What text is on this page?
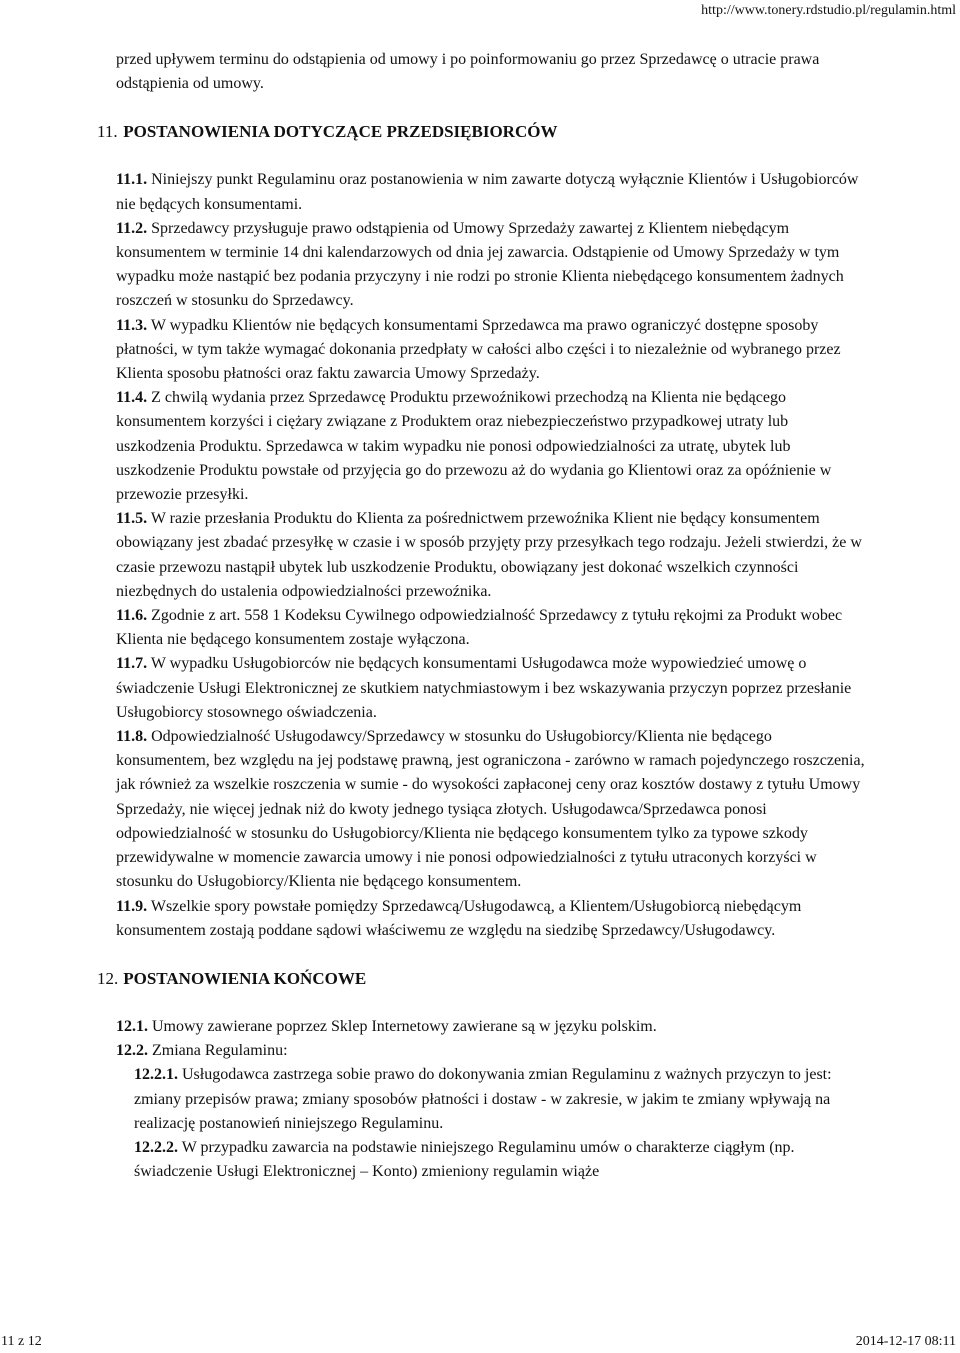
http://www.tonery.rdstudio.pl/regulamin.html

przed upływem terminu do odstąpienia od umowy i po poinformowaniu go przez Sprzedawcę o utracie prawa odstąpienia od umowy.

11. POSTANOWIENIA DOTYCZĄCE PRZEDSIĘBIORCÓW

11.1. Niniejszy punkt Regulaminu oraz postanowienia w nim zawarte dotyczą wyłącznie Klientów i Usługobiorców nie będących konsumentami.

11.2. Sprzedawcy przysługuje prawo odstąpienia od Umowy Sprzedaży zawartej z Klientem niebędącym konsumentem w terminie 14 dni kalendarzowych od dnia jej zawarcia. Odstąpienie od Umowy Sprzedaży w tym wypadku może nastąpić bez podania przyczyny i nie rodzi po stronie Klienta niebędącego konsumentem żadnych roszczeń w stosunku do Sprzedawcy.

11.3. W wypadku Klientów nie będących konsumentami Sprzedawca ma prawo ograniczyć dostępne sposoby płatności, w tym także wymagać dokonania przedpłaty w całości albo części i to niezależnie od wybranego przez Klienta sposobu płatności oraz faktu zawarcia Umowy Sprzedaży.

11.4. Z chwilą wydania przez Sprzedawcę Produktu przewoźnikowi przechodzą na Klienta nie będącego konsumentem korzyści i ciężary związane z Produktem oraz niebezpieczeństwo przypadkowej utraty lub uszkodzenia Produktu. Sprzedawca w takim wypadku nie ponosi odpowiedzialności za utratę, ubytek lub uszkodzenie Produktu powstałe od przyjęcia go do przewozu aż do wydania go Klientowi oraz za opóźnienie w przewozie przesyłki.

11.5. W razie przesłania Produktu do Klienta za pośrednictwem przewoźnika Klient nie będący konsumentem obowiązany jest zbadać przesyłkę w czasie i w sposób przyjęty przy przesyłkach tego rodzaju. Jeżeli stwierdzi, że w czasie przewozu nastąpił ubytek lub uszkodzenie Produktu, obowiązany jest dokonać wszelkich czynności niezbędnych do ustalenia odpowiedzialności przewoźnika.

11.6. Zgodnie z art. 558 1 Kodeksu Cywilnego odpowiedzialność Sprzedawcy z tytułu rękojmi za Produkt wobec Klienta nie będącego konsumentem zostaje wyłączona.

11.7. W wypadku Usługobiorców nie będących konsumentami Usługodawca może wypowiedzieć umowę o świadczenie Usługi Elektronicznej ze skutkiem natychmiastowym i bez wskazywania przyczyn poprzez przesłanie Usługobiorcy stosownego oświadczenia.

11.8. Odpowiedzialność Usługodawcy/Sprzedawcy w stosunku do Usługobiorcy/Klienta nie będącego konsumentem, bez względu na jej podstawę prawną, jest ograniczona - zarówno w ramach pojedynczego roszczenia, jak również za wszelkie roszczenia w sumie - do wysokości zapłaconej ceny oraz kosztów dostawy z tytułu Umowy Sprzedaży, nie więcej jednak niż do kwoty jednego tysiąca złotych. Usługodawca/Sprzedawca ponosi odpowiedzialność w stosunku do Usługobiorcy/Klienta nie będącego konsumentem tylko za typowe szkody przewidywalne w momencie zawarcia umowy i nie ponosi odpowiedzialności z tytułu utraconych korzyści w stosunku do Usługobiorcy/Klienta nie będącego konsumentem.

11.9. Wszelkie spory powstałe pomiędzy Sprzedawcą/Usługodawcą, a Klientem/Usługobiorcą niebędącym konsumentem zostają poddane sądowi właściwemu ze względu na siedzibę Sprzedawcy/Usługodawcy.

12. POSTANOWIENIA KOŃCOWE

12.1. Umowy zawierane poprzez Sklep Internetowy zawierane są w języku polskim.

12.2. Zmiana Regulaminu:

12.2.1. Usługodawca zastrzega sobie prawo do dokonywania zmian Regulaminu z ważnych przyczyn to jest: zmiany przepisów prawa; zmiany sposobów płatności i dostaw - w zakresie, w jakim te zmiany wpływają na realizację postanowień niniejszego Regulaminu.

12.2.2. W przypadku zawarcia na podstawie niniejszego Regulaminu umów o charakterze ciągłym (np. świadczenie Usługi Elektronicznej – Konto) zmieniony regulamin wiąże

11 z 12	2014-12-17 08:11
